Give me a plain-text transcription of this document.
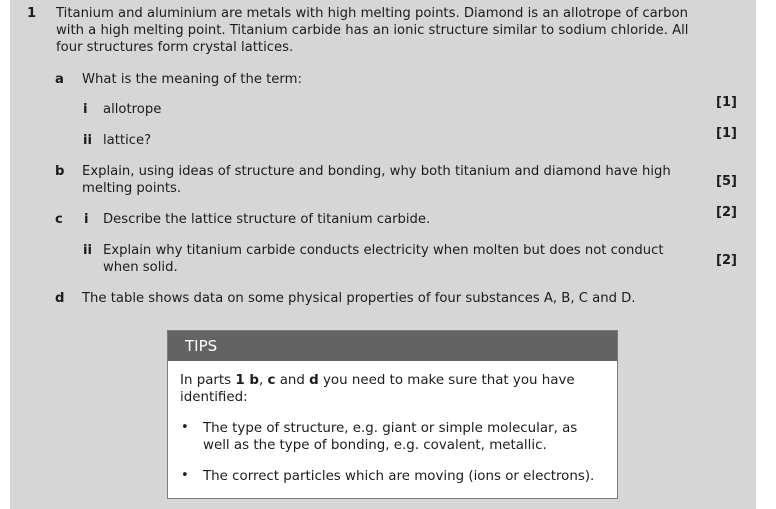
1 Titanium and aluminium are metals with high melting points. Diamond is an allotrope of carbon
with a high melting point. Titanium carbide has an ionic structure similar to sodium chloride. All
four structures form crystal lattices.
a What is the meaning of the term:
i allotrope	[1]
ii lattice?	[1]
b Explain, using ideas of structure and bonding, why both titanium and diamond have high
melting points.	[5]
c i Describe the lattice structure of titanium carbide.	[2]
ii Explain why titanium carbide conducts electricity when molten but does not conduct
when solid.	[2]
d The table shows data on some physical properties of four substances A, B, C and D.
TIPS
In parts 1 b, c and d you need to make sure that you have
identified:
• The type of structure, e.g. giant or simple molecular, as
well as the type of bonding, e.g. covalent, metallic.
• The correct particles which are moving (ions or electrons).
